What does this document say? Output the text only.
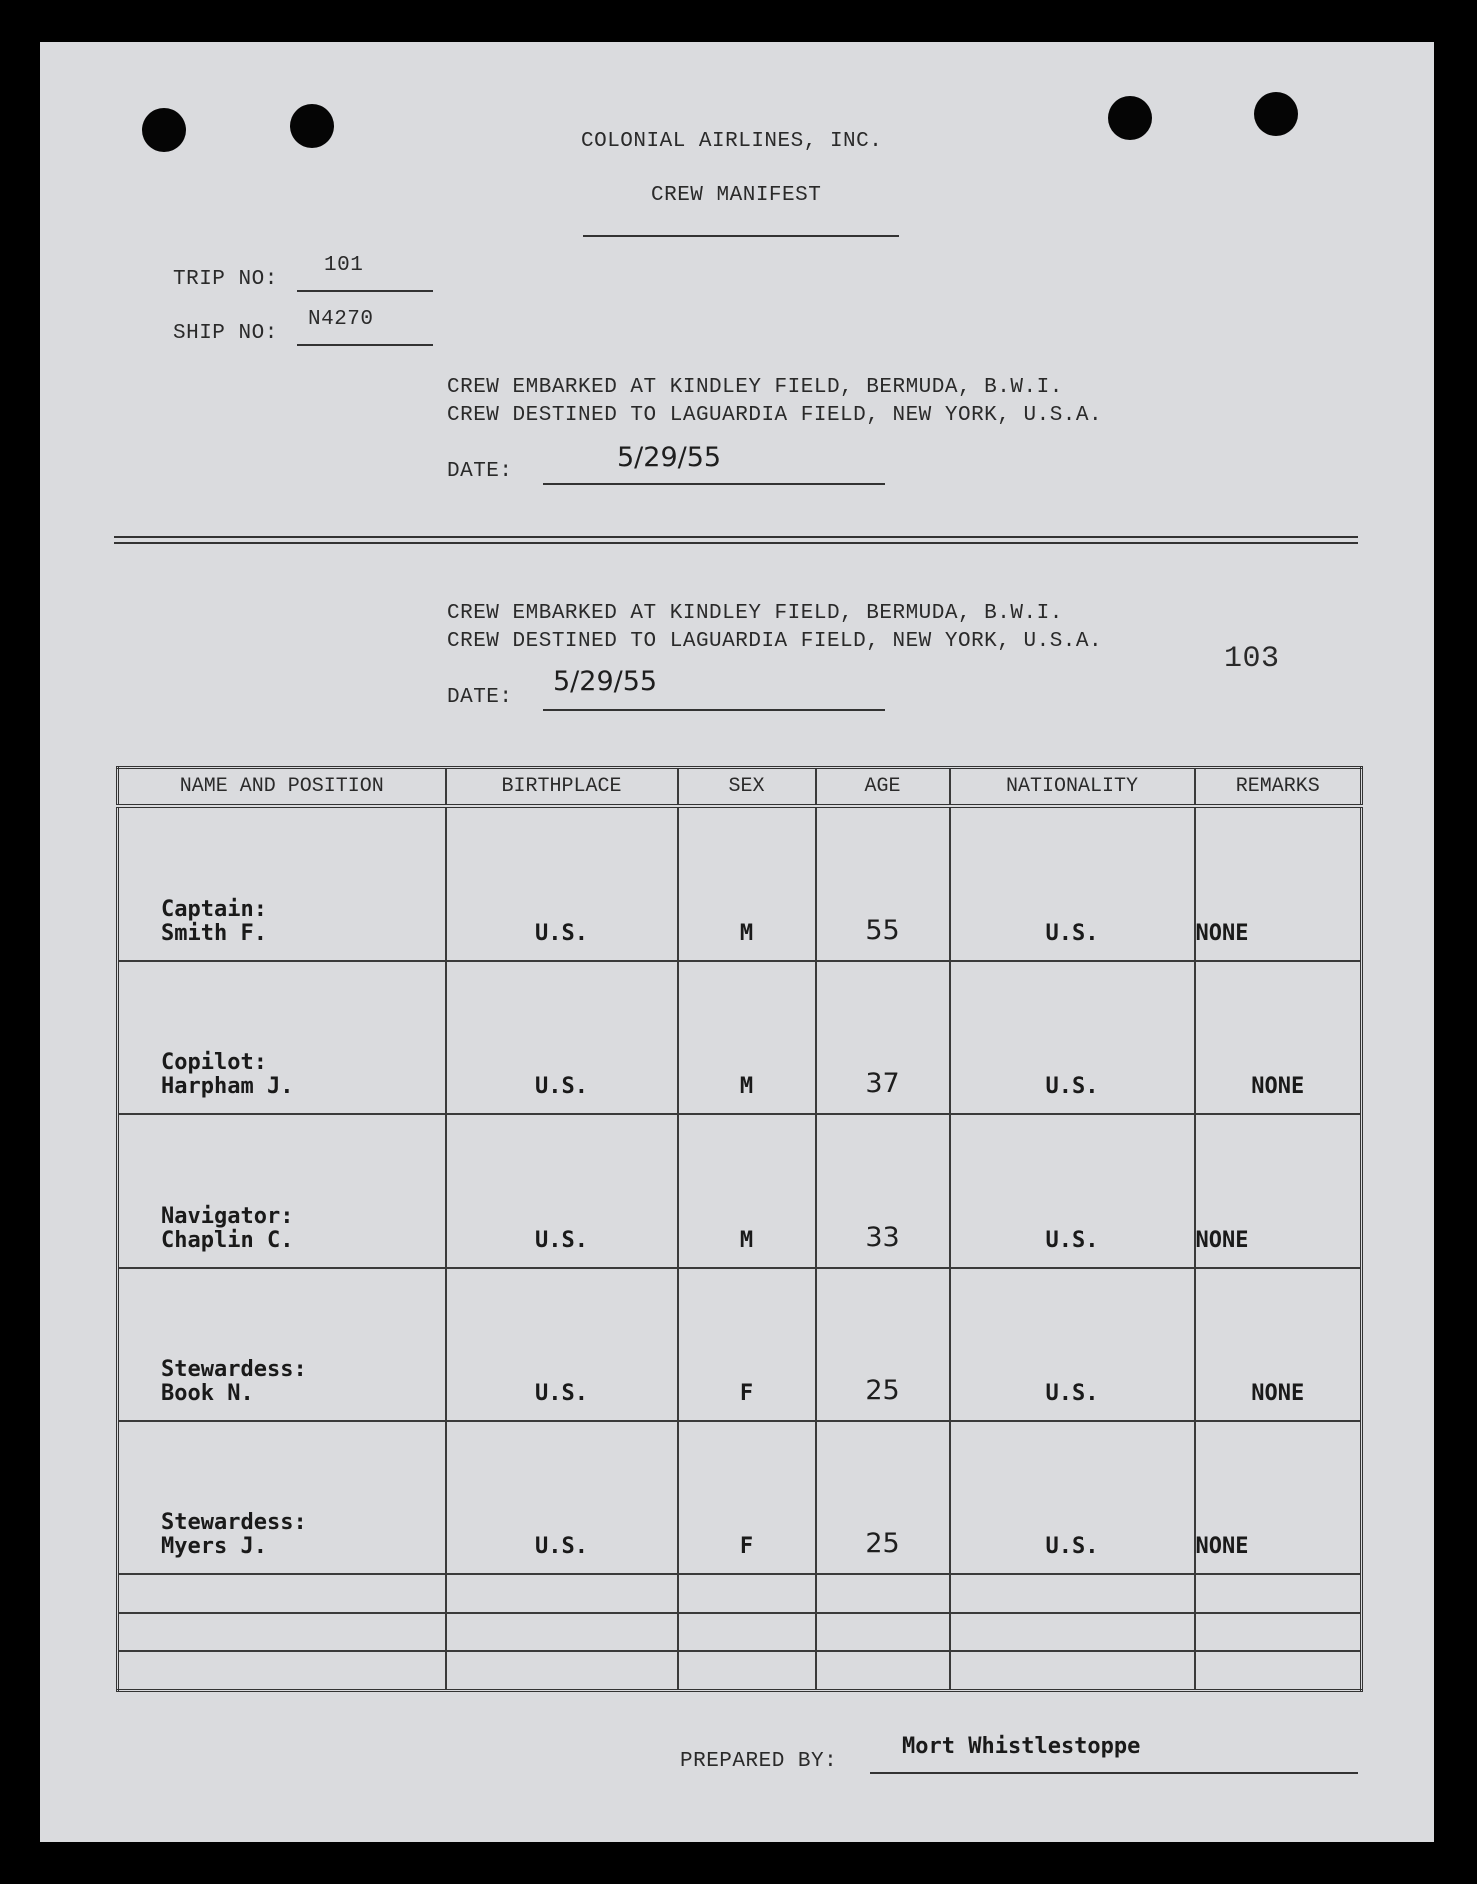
COLONIAL AIRLINES, INC.
CREW MANIFEST
TRIP NO:
101
SHIP NO:
N4270
CREW EMBARKED AT KINDLEY FIELD, BERMUDA, B.W.I.
CREW DESTINED TO LAGUARDIA FIELD, NEW YORK, U.S.A.
DATE:	5/29/55
CREW EMBARKED AT KINDLEY FIELD, BERMUDA, B.W.I.
CREW DESTINED TO LAGUARDIA FIELD, NEW YORK, U.S.A.
103
DATE:
5/29/55
NAME AND POSITION	BIRTHPLACE	SEX	AGE	NATIONALITY	REMARKS

Captain:
Smith F.	U.S.	M	55	U.S.	NONE

Copilot:
Harpham J.	U.S.	M	37	U.S.	NONE

Navigator:
Chaplin C.	U.S.	M	33	U.S.	NONE

Stewardess:
Book N.	U.S.	F	25	U.S.	NONE

Stewardess:
Myers J.	U.S.	F	25	U.S.	NONE

PREPARED BY:
Mort Whistlestoppe
